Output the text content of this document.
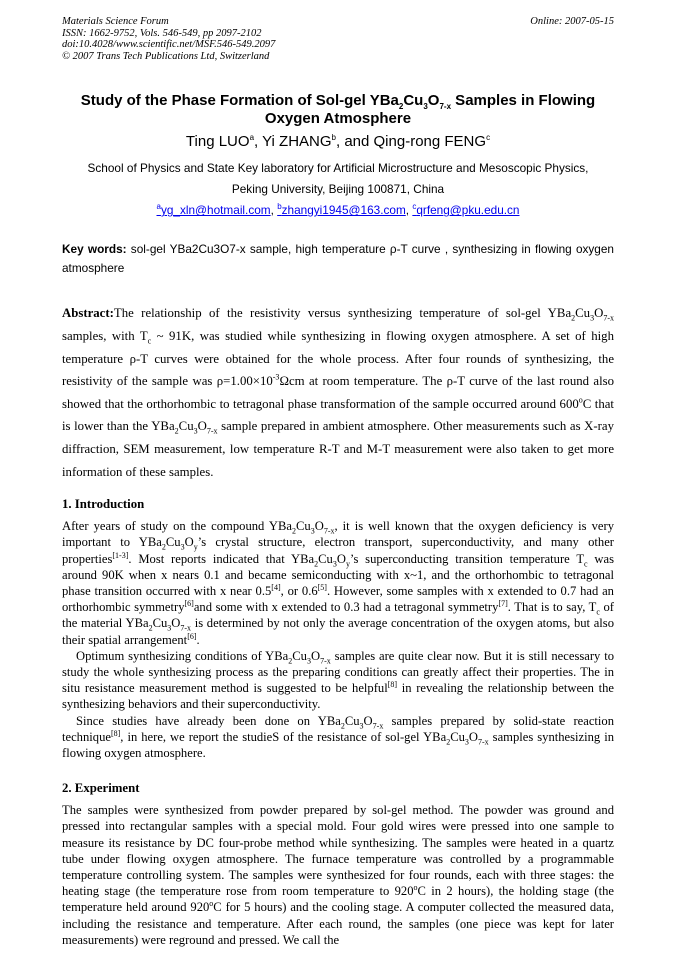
Materials Science Forum
ISSN: 1662-9752, Vols. 546-549, pp 2097-2102
doi:10.4028/www.scientific.net/MSF.546-549.2097
© 2007 Trans Tech Publications Ltd, Switzerland
Online: 2007-05-15
Study of the Phase Formation of Sol-gel $YBa_2Cu_3O_{7-x}$ Samples in Flowing Oxygen Atmosphere
Ting LUO$^a$, Yi ZHANG$^b$, and Qing-rong FENG$^c$
School of Physics and State Key laboratory for Artificial Microstructure and Mesoscopic Physics,
Peking University, Beijing 100871, China
$^a$yg_xln@hotmail.com, $^b$zhangyi1945@163.com, $^c$qrfeng@pku.edu.cn
Key words: sol-gel YBa2Cu3O7-x sample, high temperature ρ-T curve , synthesizing in flowing oxygen atmosphere

Abstract:The relationship of the resistivity versus synthesizing temperature of sol-gel $YBa_2Cu_3O_{7-x}$ samples, with $T_c$ ~ 91K, was studied while synthesizing in flowing oxygen atmosphere. A set of high temperature ρ-T curves were obtained for the whole process. After four rounds of synthesizing, the resistivity of the sample was $\rho=1.00\times 10^{-3}\Omega cm$ at room temperature. The ρ-T curve of the last round also showed that the orthorhombic to tetragonal phase transformation of the sample occurred around 600$^o$C that is lower than the $YBa_2Cu_3O_{7-x}$ sample prepared in ambient atmosphere. Other measurements such as X-ray diffraction, SEM measurement, low temperature R-T and M-T measurement were also taken to get more information of these samples.

1. Introduction

After years of study on the compound $YBa_2Cu_3O_{7-x}$, it is well known that the oxygen deficiency is very important to $YBa_2Cu_3O_y’s$ crystal structure, electron transport, superconductivity, and many other properties[1-3]. Most reports indicated that $YBa_2Cu_3O_y’s$ superconducting transition temperature $T_c$ was around 90K when x nears 0.1 and became semiconducting with x~1, and the orthorhombic to tetragonal phase transition occurred with x near 0.5[4], or 0.6[5]. However, some samples with x extended to 0.7 had an orthorhombic symmetry[6]and some with x extended to 0.3 had a tetragonal symmetry[7]. That is to say, $T_c$ of the material $YBa_2Cu_3O_{7-x}$ is determined by not only the average concentration of the oxygen atoms, but also their spatial arrangement[6].

Optimum synthesizing conditions of $YBa_2Cu_3O_{7-x}$ samples are quite clear now. But it is still necessary to study the whole synthesizing process as the preparing conditions can greatly affect their properties. The in situ resistance measurement method is suggested to be helpful[8] in revealing the relationship between the synthesizing behaviors and their superconductivity.

Since studies have already been done on $YBa_2Cu_3O_{7-x}$ samples prepared by solid-state reaction technique[8], in here, we report the studieS of the resistance of sol-gel $YBa_2Cu_3O_{7-x}$ samples synthesizing in flowing oxygen atmosphere.

2. Experiment

The samples were synthesized from powder prepared by sol-gel method. The powder was ground and pressed into rectangular samples with a special mold. Four gold wires were pressed into one sample to measure its resistance by DC four-probe method while synthesizing. The samples were heated in a quartz tube under flowing oxygen atmosphere. The furnace temperature was controlled by a programmable temperature controlling system. The samples were synthesized for four rounds, each with three stages: the heating stage (the temperature rose from room temperature to 920$^o$C in 2 hours), the holding stage (the temperature held around 920$^o$C for 5 hours) and the cooling stage. A computer collected the measured data, including the resistance and temperature. After each round, the samples (one piece was kept for later measurements) were reground and pressed. We call the
